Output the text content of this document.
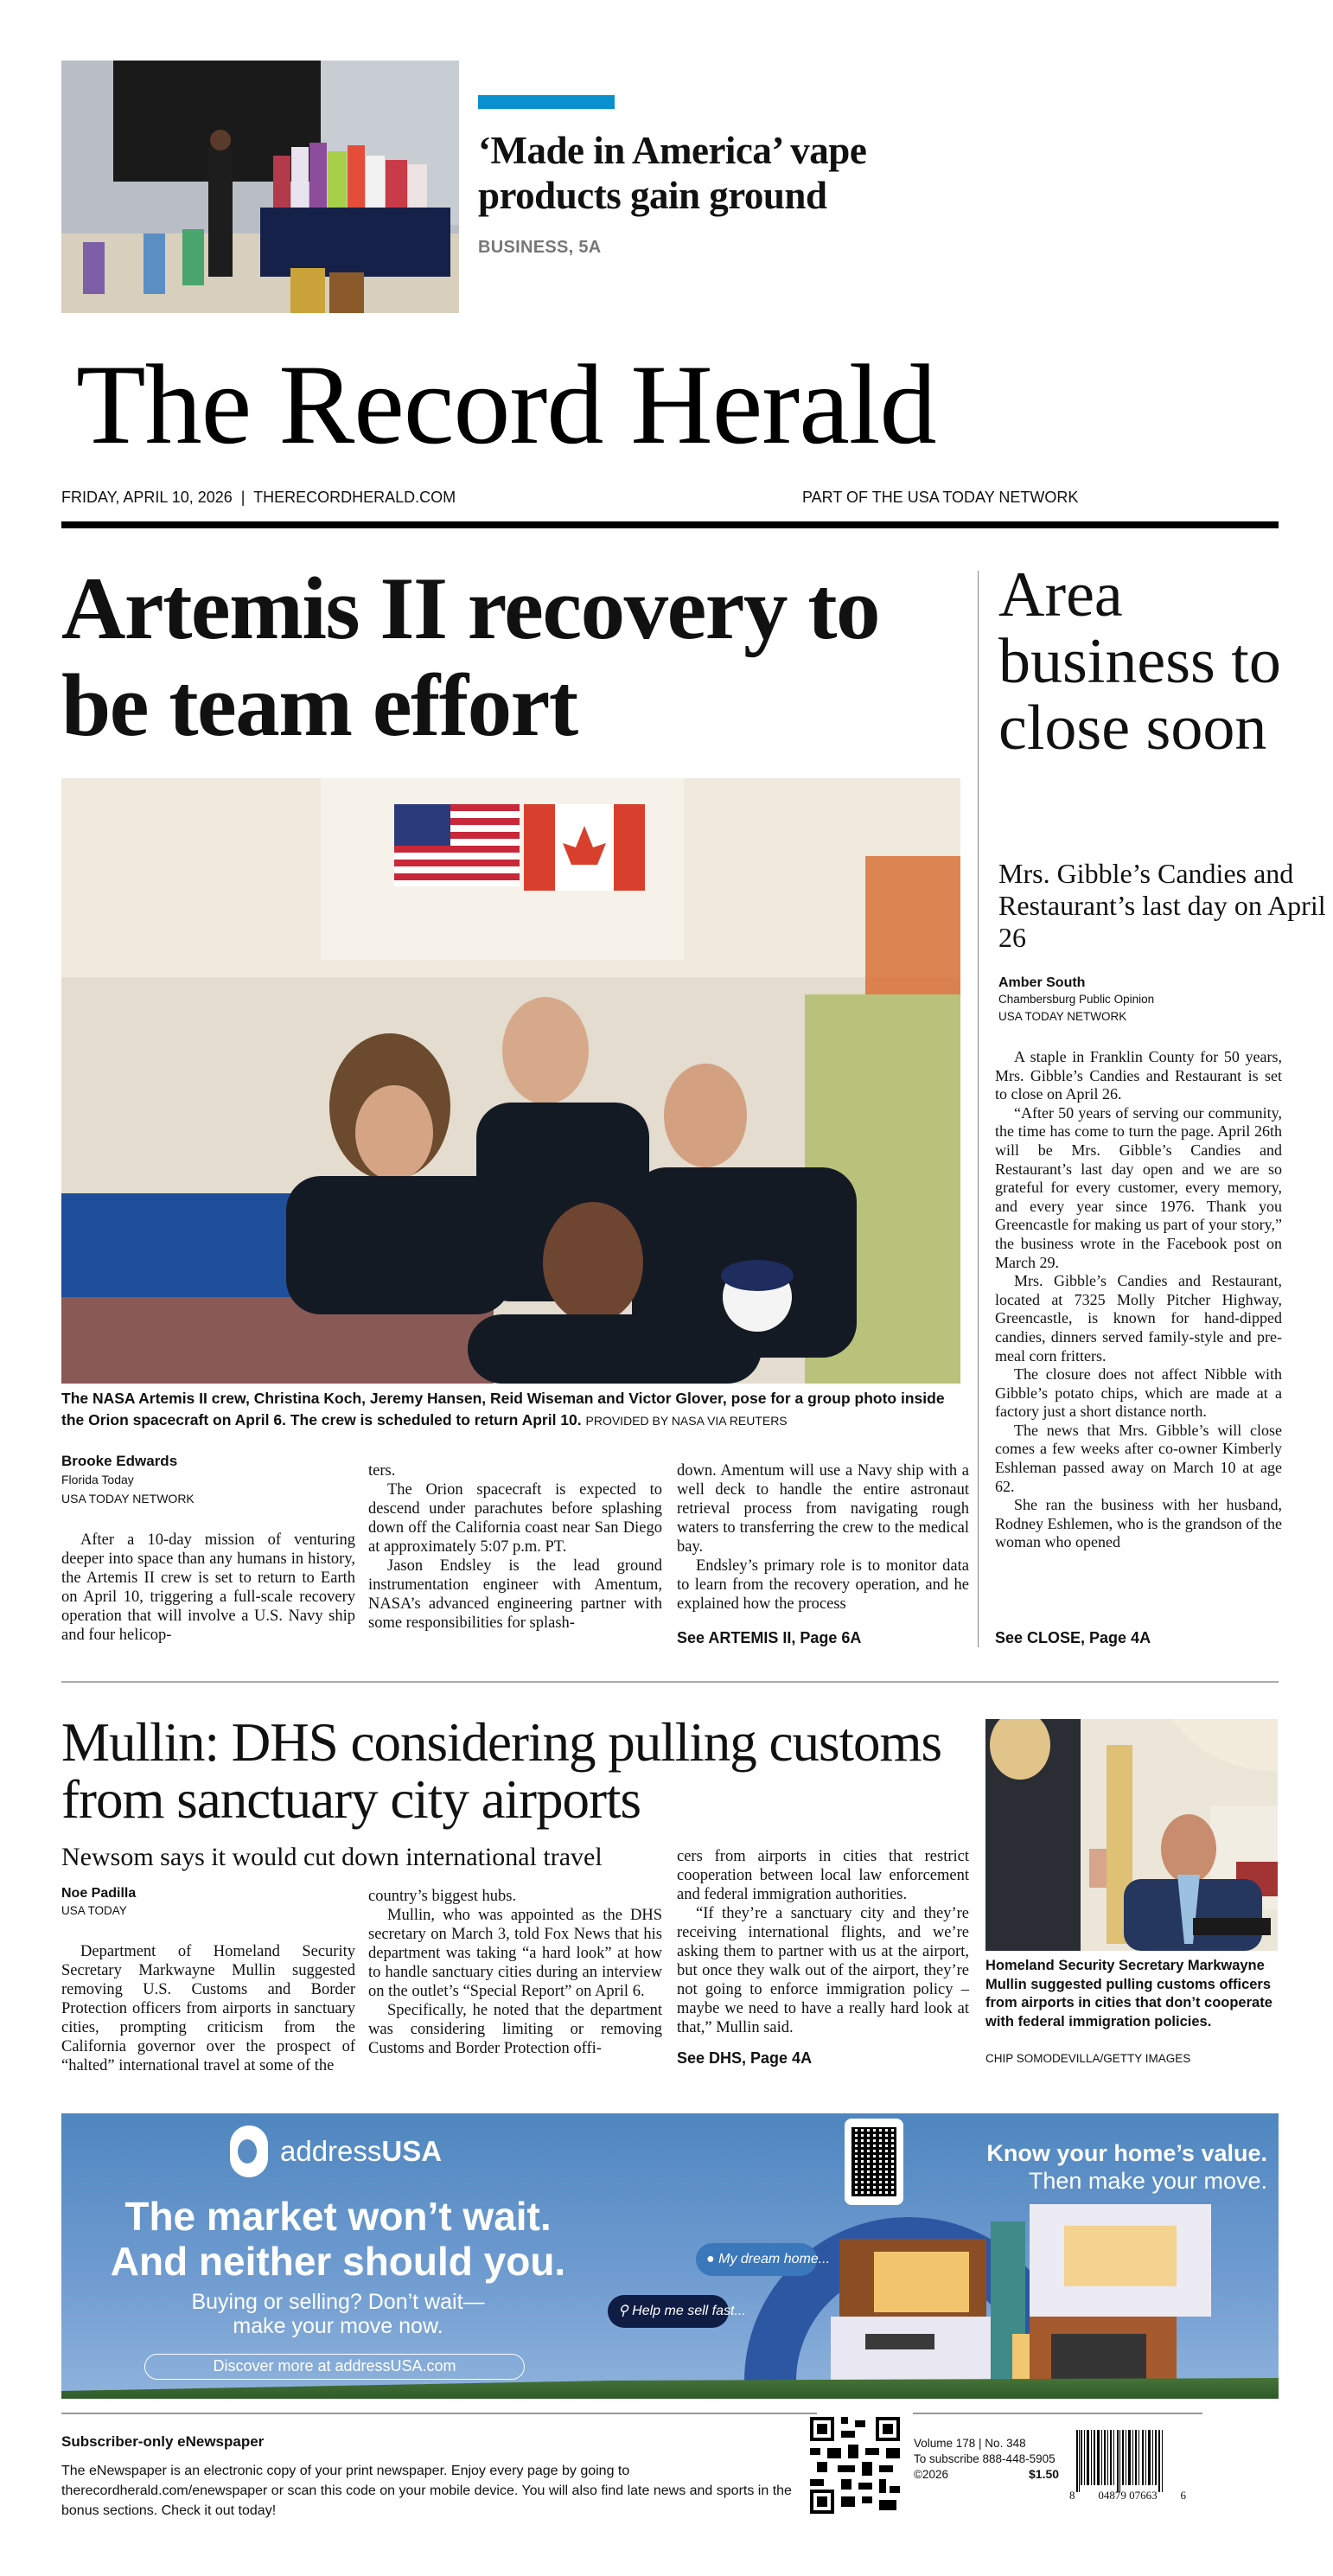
‘Made in America’ vape products gain ground
BUSINESS, 5A
The Record Herald
FRIDAY, APRIL 10, 2026  |  THERECORDHERALD.COM	PART OF THE USA TODAY NETWORK
Artemis II recovery to be team effort
The NASA Artemis II crew, Christina Koch, Jeremy Hansen, Reid Wiseman and Victor Glover, pose for a group photo inside the Orion spacecraft on April 6. The crew is scheduled to return April 10. PROVIDED BY NASA VIA REUTERS
Brooke Edwards
Florida Today
USA TODAY NETWORK

After a 10-day mission of venturing deeper into space than any humans in history, the Artemis II crew is set to return to Earth on April 10, triggering a full-scale recovery operation that will involve a U.S. Navy ship and four helicop-

ters.

The Orion spacecraft is expected to descend under parachutes before splashing down off the California coast near San Diego at approximately 5:07 p.m. PT.

Jason Endsley is the lead ground instrumentation engineer with Amentum, NASA’s advanced engineering partner with some responsibilities for splash-

down. Amentum will use a Navy ship with a well deck to handle the entire astronaut retrieval process from navigating rough waters to transferring the crew to the medical bay.

Endsley’s primary role is to monitor data to learn from the recovery operation, and he explained how the process

See ARTEMIS II, Page 6A
Area business to close soon
Mrs. Gibble’s Candies and Restaurant’s last day on April 26
Amber South
Chambersburg Public Opinion
USA TODAY NETWORK

A staple in Franklin County for 50 years, Mrs. Gibble’s Candies and Restaurant is set to close on April 26.

“After 50 years of serving our community, the time has come to turn the page. April 26th will be Mrs. Gibble’s Candies and Restaurant’s last day open and we are so grateful for every customer, every memory, and every year since 1976. Thank you Greencastle for making us part of your story,” the business wrote in the Facebook post on March 29.

Mrs. Gibble’s Candies and Restaurant, located at 7325 Molly Pitcher Highway, Greencastle, is known for hand-dipped candies, dinners served family-style and pre-meal corn fritters.

The closure does not affect Nibble with Gibble’s potato chips, which are made at a factory just a short distance north.

The news that Mrs. Gibble’s will close comes a few weeks after co-owner Kimberly Eshleman passed away on March 10 at age 62.

She ran the business with her husband, Rodney Eshlemen, who is the grandson of the woman who opened

See CLOSE, Page 4A
Mullin: DHS considering pulling customs from sanctuary city airports
Newsom says it would cut down international travel
Noe Padilla
USA TODAY

Department of Homeland Security Secretary Markwayne Mullin suggested removing U.S. Customs and Border Protection officers from airports in sanctuary cities, prompting criticism from the California governor over the prospect of “halted” international travel at some of the

country’s biggest hubs.

Mullin, who was appointed as the DHS secretary on March 3, told Fox News that his department was taking “a hard look” at how to handle sanctuary cities during an interview on the outlet’s “Special Report” on April 6.

Specifically, he noted that the department was considering limiting or removing Customs and Border Protection offi-

cers from airports in cities that restrict cooperation between local law enforcement and federal immigration authorities.

“If they’re a sanctuary city and they’re receiving international flights, and we’re asking them to partner with us at the airport, but once they walk out of the airport, they’re not going to enforce immigration policy – maybe we need to have a really hard look at that,” Mullin said.

See DHS, Page 4A
Homeland Security Secretary Markwayne Mullin suggested pulling customs officers from airports in cities that don’t cooperate with federal immigration policies.
CHIP SOMODEVILLA/GETTY IMAGES
addressUSA
The market won’t wait.
And neither should you.
Buying or selling? Don’t wait—
make your move now.
Discover more at addressUSA.com
Know your home’s value.
Then make your move.
● My dream home...
⚲ Help me sell fast...
Subscriber-only eNewspaper
The eNewspaper is an electronic copy of your print newspaper. Enjoy every page by going to therecordherald.com/enewspaper or scan this code on your mobile device. You will also find late news and sports in the bonus sections. Check it out today!
Volume 178 | No. 348
To subscribe 888-448-5905
©2026	$1.50
8 04879 07663 6
